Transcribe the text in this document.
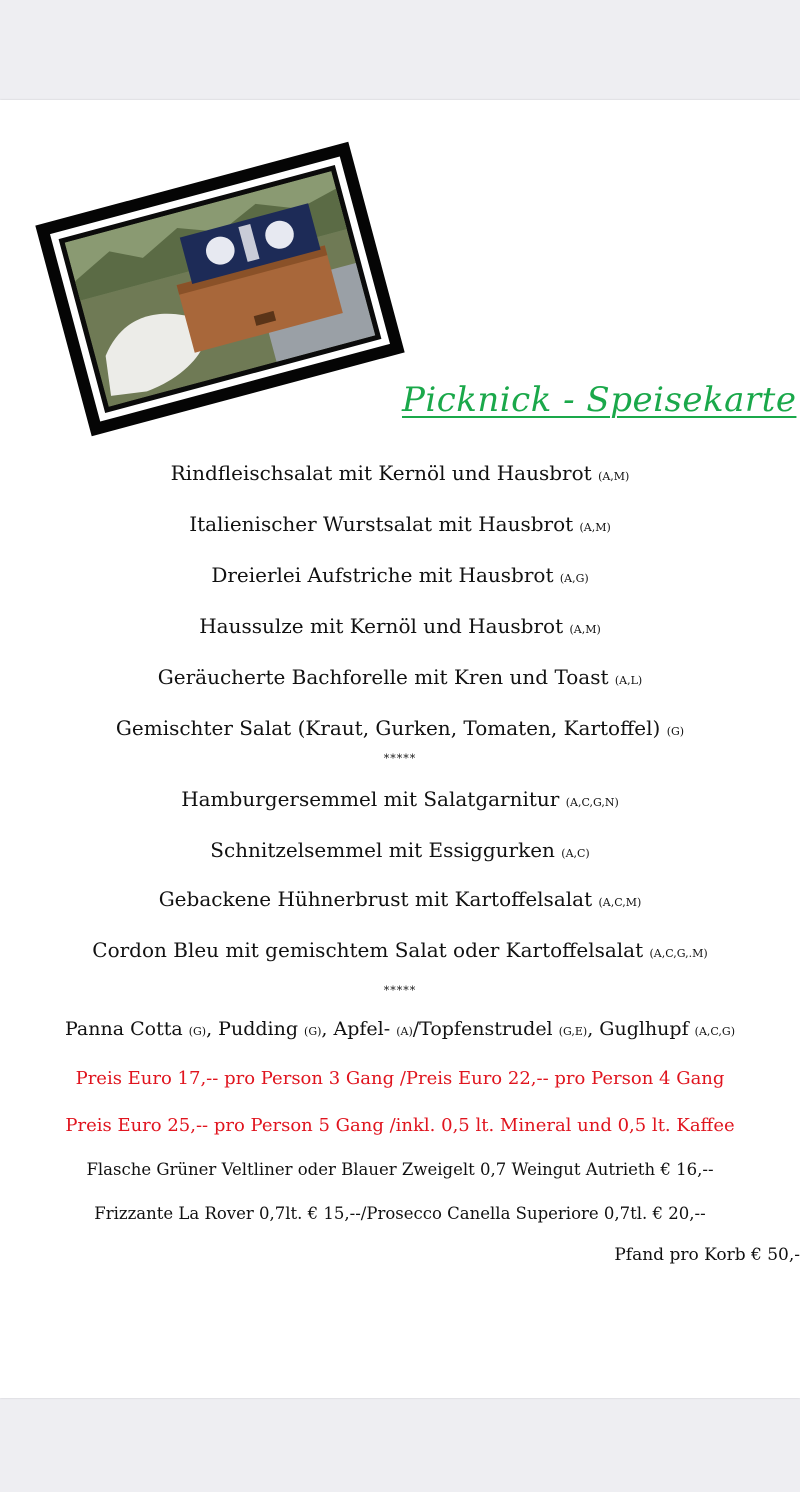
Picknick - Speisekarte
Rindfleischsalat mit Kernöl und Hausbrot (A,M)
Italienischer Wurstsalat mit Hausbrot (A,M)
Dreierlei Aufstriche mit Hausbrot (A,G)
Haussulze mit Kernöl und Hausbrot (A,M)
Geräucherte Bachforelle mit Kren und Toast (A,L)
Gemischter Salat (Kraut, Gurken, Tomaten, Kartoffel) (G)
*****
Hamburgersemmel mit Salatgarnitur (A,C,G,N)
Schnitzelsemmel mit Essiggurken (A,C)
Gebackene Hühnerbrust mit Kartoffelsalat (A,C,M)
Cordon Bleu mit gemischtem Salat oder Kartoffelsalat (A,C,G,.M)
*****
Panna Cotta (G), Pudding (G), Apfel- (A)/Topfenstrudel (G,E), Guglhupf (A,C,G)
Preis Euro 17,-- pro Person 3 Gang /Preis Euro 22,-- pro Person 4 Gang
Preis Euro 25,-- pro Person 5 Gang /inkl. 0,5 lt. Mineral und 0,5 lt. Kaffee
Flasche Grüner Veltliner oder Blauer Zweigelt 0,7 Weingut Autrieth € 16,--
Frizzante La Rover 0,7lt. € 15,--/Prosecco Canella Superiore 0,7tl. € 20,--
Pfand pro Korb € 50,-
